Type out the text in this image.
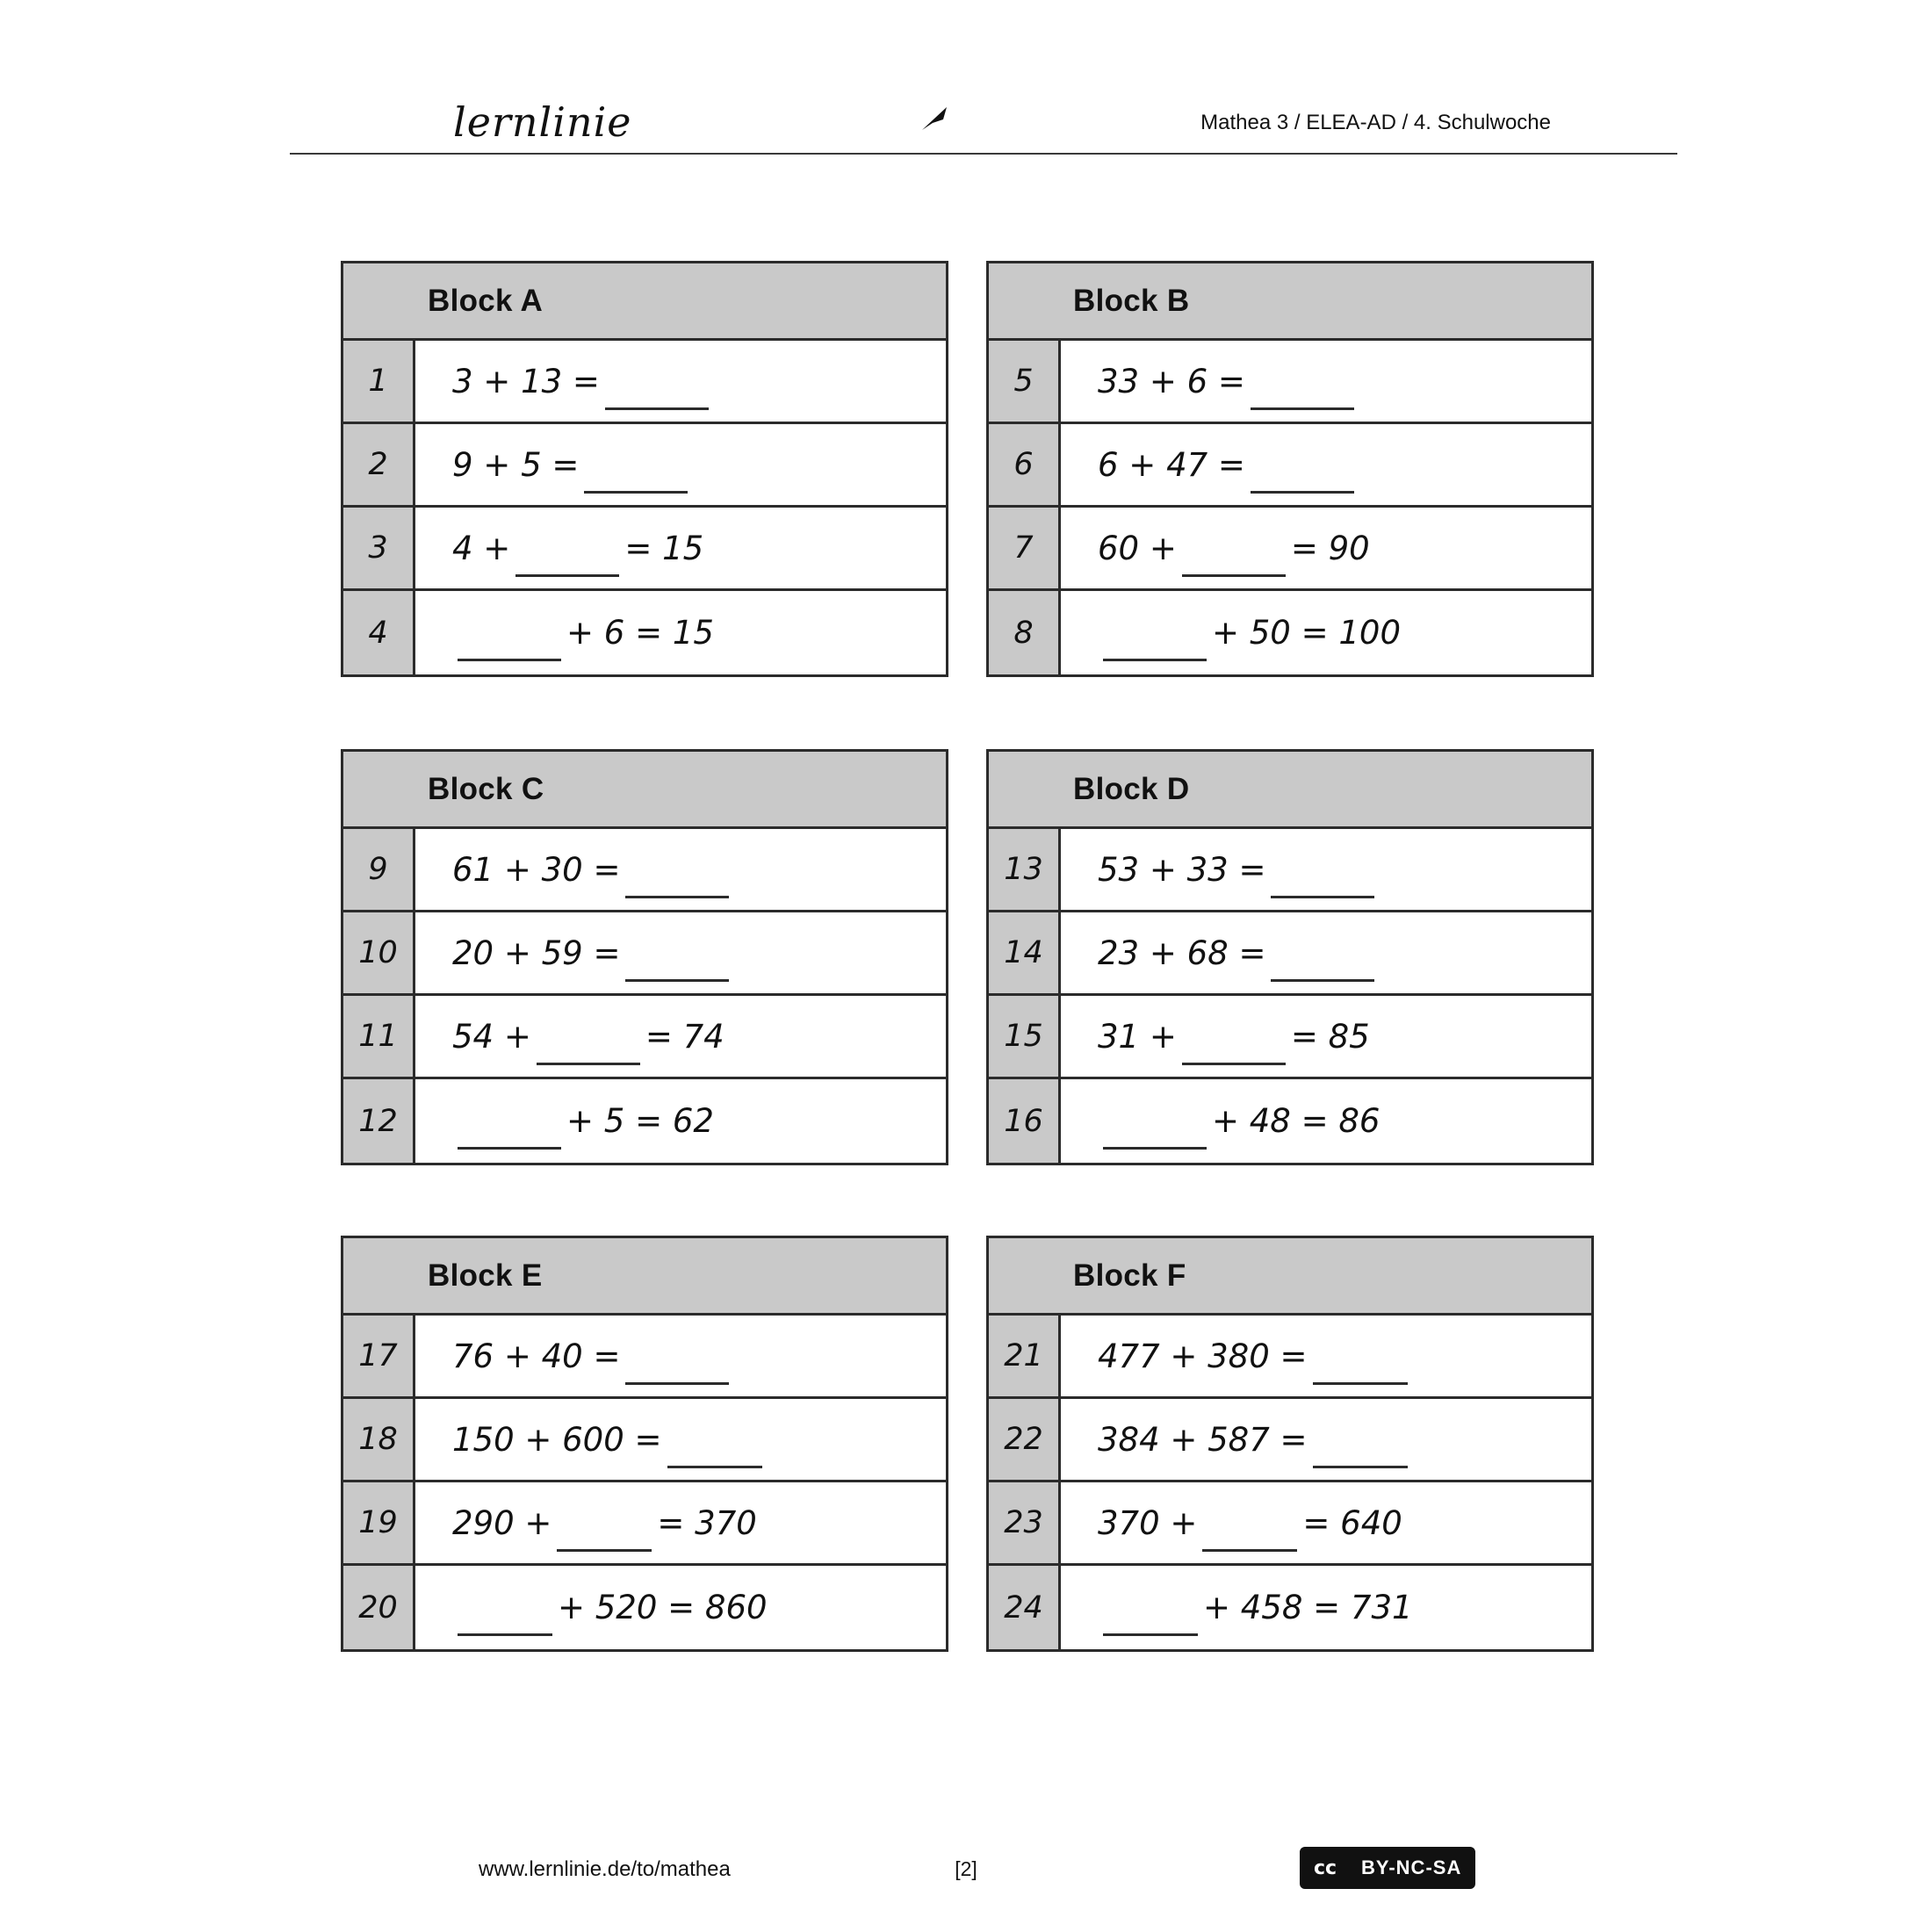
lernlinie	Mathea 3 / ELEA-AD / 4. Schulwoche
Block A
1	3 + 13 =
2	9 + 5 =
3	4 +	= 15
4	+ 6 = 15
Block B
5	33 + 6 =
6	6 + 47 =
7	60 +	= 90
8	+ 50 = 100
Block C
9	61 + 30 =
10	20 + 59 =
11	54 +	= 74
12	+ 5 = 62
Block D
13	53 + 33 =
14	23 + 68 =
15	31 +	= 85
16	+ 48 = 86
Block E
17	76 + 40 =
18	150 + 600 =
19	290 +	= 370
20	+ 520 = 860
Block F
21	477 + 380 =
22	384 + 587 =
23	370 +	= 640
24	+ 458 = 731
www.lernlinie.de/to/mathea	[2]	cc	BY-NC-SA
